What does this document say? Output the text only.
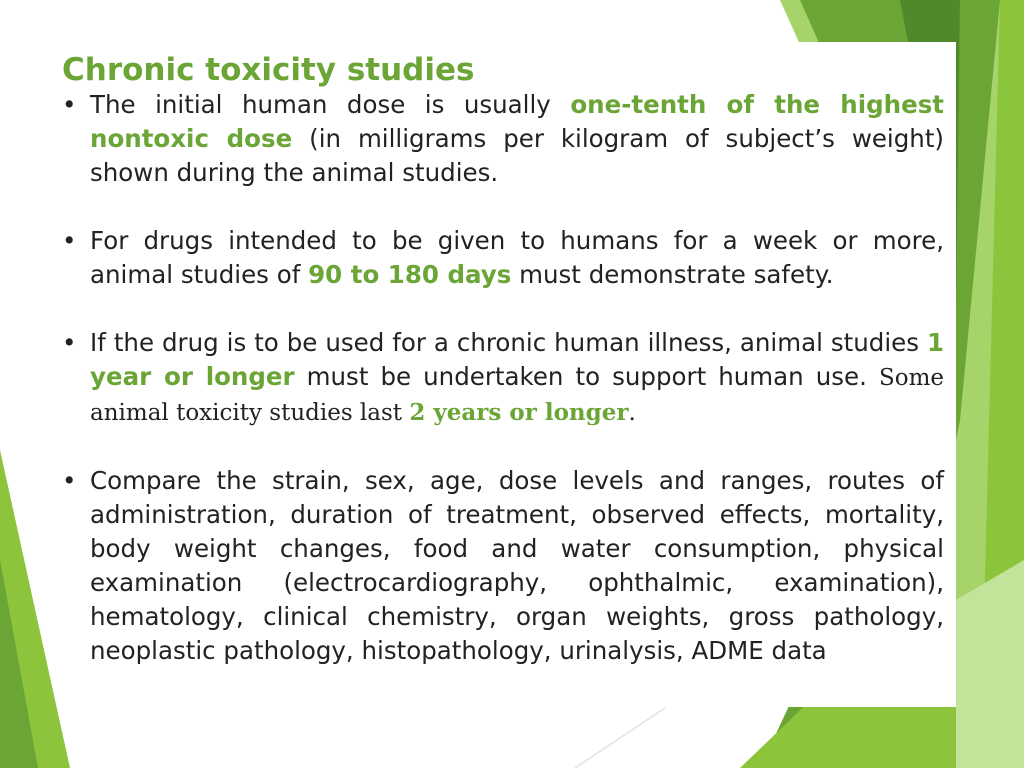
Chronic toxicity studies
• The initial human dose is usually one-tenth of the highest nontoxic dose (in milligrams per kilogram of subject’s weight) shown during the animal studies.
• For drugs intended to be given to humans for a week or more, animal studies of 90 to 180 days must demonstrate safety.
• If the drug is to be used for a chronic human illness, animal studies 1 year or longer must be undertaken to support human use. Some animal toxicity studies last 2 years or longer.
• Compare the strain, sex, age, dose levels and ranges, routes of administration, duration of treatment, observed effects, mortality, body weight changes, food and water consumption, physical examination (electrocardiography, ophthalmic, examination), hematology, clinical chemistry, organ weights, gross pathology, neoplastic pathology, histopathology, urinalysis, ADME data
